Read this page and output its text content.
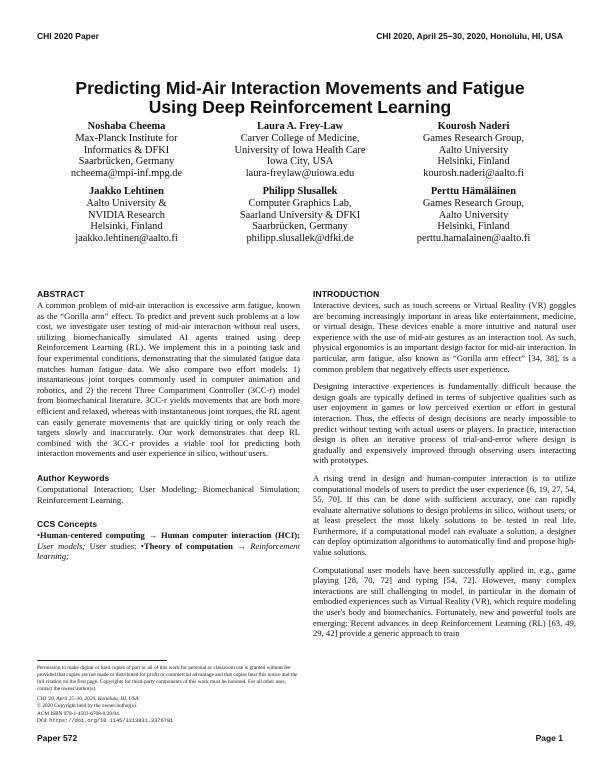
CHI 2020 Paper	CHI 2020, April 25–30, 2020, Honolulu, HI, USA
Predicting Mid-Air Interaction Movements and Fatigue
Using Deep Reinforcement Learning
Noshaba Cheema
Max-Planck Institute for
Informatics & DFKI
Saarbrücken, Germany
ncheema@mpi-inf.mpg.de
Laura A. Frey-Law
Carver College of Medicine,
University of Iowa Health Care
Iowa City, USA
laura-freylaw@uiowa.edu
Kourosh Naderi
Games Research Group,
Aalto University
Helsinki, Finland
kourosh.naderi@aalto.fi
Jaakko Lehtinen
Aalto University &
NVIDIA Research
Helsinki, Finland
jaakko.lehtinen@aalto.fi
Philipp Slusallek
Computer Graphics Lab,
Saarland University & DFKI
Saarbrücken, Germany
philipp.slusallek@dfki.de
Perttu Hämäläinen
Games Research Group,
Aalto University
Helsinki, Finland
perttu.hamalainen@aalto.fi
ABSTRACT

A common problem of mid-air interaction is excessive arm fatigue, known as the “Gorilla arm” effect. To predict and prevent such problems at a low cost, we investigate user testing of mid-air interaction without real users, utilizing biomechanically simulated AI agents trained using deep Reinforcement Learning (RL). We implement this in a pointing task and four experimental conditions, demonstrating that the simulated fatigue data matches human fatigue data. We also compare two effort models: 1) instantaneous joint torques commonly used in computer animation and robotics, and 2) the recent Three Compartment Controller (3CC-r) model from biomechanical literature. 3CC-r yields movements that are both more efficient and relaxed, whereas with instantaneous joint torques, the RL agent can easily generate movements that are quickly tiring or only reach the targets slowly and inaccurately. Our work demonstrates that deep RL combined with the 3CC-r provides a viable tool for predicting both interaction movements and user experience in silico, without users.

Author Keywords

Computational Interaction; User Modeling; Biomechanical Simulation; Reinforcement Learning.

CCS Concepts

•Human-centered computing → Human computer interaction (HCI); User models; User studies; •Theory of computation → Reinforcement learning;

Permission to make digital or hard copies of part or all of this work for personal or classroom use is granted without fee provided that copies are not made or distributed for profit or commercial advantage and that copies bear this notice and the full citation on the first page. Copyrights for third-party components of this work must be honored. For all other uses, contact the owner/author(s).
CHI '20, April 25–30, 2020, Honolulu, HI, USA.
© 2020 Copyright held by the owner/author(s).
ACM ISBN 978-1-4503-6708-0/20/04.
DOI: https://doi.org/10.1145/3313831.3376701
INTRODUCTION

Interactive devices, such as touch screens or Virtual Reality (VR) goggles are becoming increasingly important in areas like entertainment, medicine, or virtual design. These devices enable a more intuitive and natural user experience with the use of mid-air gestures as an interaction tool. As such, physical ergonomics is an important design factor for mid-air interaction. In particular, arm fatigue, also known as “Gorilla arm effect” [34, 38], is a common problem that negatively effects user experience.

Designing interactive experiences is fundamentally difficult because the design goals are typically defined in terms of subjective qualities such as user enjoyment in games or low perceived exertion or effort in gestural interaction. Thus, the effects of design decisions are nearly impossible to predict without testing with actual users or players. In practice, interaction design is often an iterative process of trial-and-error where design is gradually and expensively improved through observing users interacting with prototypes.

A rising trend in design and human-computer interaction is to utilize computational models of users to predict the user experience [6, 19, 27, 54, 55, 70]. If this can be done with sufficient accuracy, one can rapidly evaluate alternative solutions to design problems in silico, without users, or at least preselect the most likely solutions to be tested in real life. Furthermore, if a computational model can evaluate a solution, a designer can deploy optimization algorithms to automatically find and propose high-value solutions.

Computational user models have been successfully applied in, e.g., game playing [28, 70, 72] and typing [54, 72]. However, many complex interactions are still challenging to model, in particular in the domain of embodied experiences such as Virtual Reality (VR), which require modeling the user's body and biomechanics. Fortunately, new and powerful tools are emerging: Recent advances in deep Reinforcement Learning (RL) [63, 49, 29, 42] provide a generic approach to train

Paper 572	Page 1
